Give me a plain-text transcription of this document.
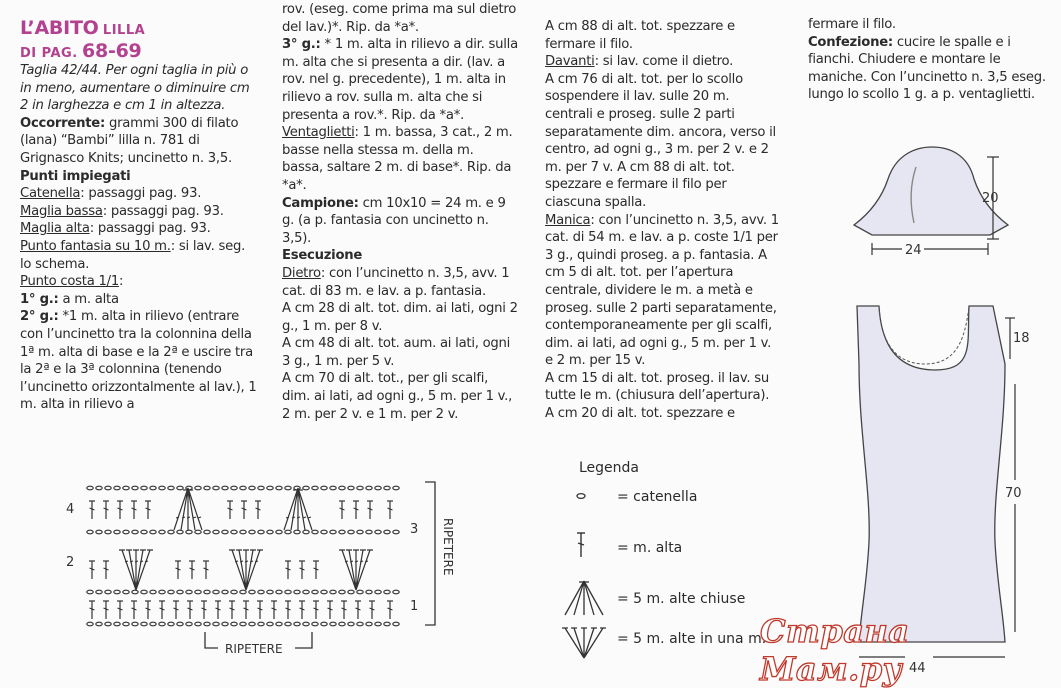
L’ABITO LILLA
DI PAG. 68-69

Taglia 42/44. Per ogni taglia in più o in meno, aumentare o diminuire cm 2 in larghezza e cm 1 in altezza.

Occorrente: grammi 300 di filato (lana) “Bambi” lilla n. 781 di Grignasco Knits; uncinetto n. 3,5.

Punti impiegati

Catenella: passaggi pag. 93.

Maglia bassa: passaggi pag. 93.

Maglia alta: passaggi pag. 93.

Punto fantasia su 10 m.: si lav. seg. lo schema.

Punto costa 1/1:

1° g.: a m. alta

2° g.: *1 m. alta in rilievo (entrare con l’uncinetto tra la colonnina della 1ª m. alta di base e la 2ª e uscire tra la 2ª e la 3ª colonnina (tenendo l’uncinetto orizzontalmente al lav.), 1 m. alta in rilievo a

rov. (eseg. come prima ma sul dietro del lav.)*. Rip. da *a*.

3° g.: * 1 m. alta in rilievo a dir. sulla m. alta che si presenta a dir. (lav. a rov. nel g. precedente), 1 m. alta in rilievo a rov. sulla m. alta che si presenta a rov.*. Rip. da *a*.

Ventaglietti: 1 m. bassa, 3 cat., 2 m. basse nella stessa m. della m. bassa, saltare 2 m. di base*. Rip. da *a*.

Campione: cm 10x10 = 24 m. e 9 g. (a p. fantasia con uncinetto n. 3,5).

Esecuzione

Dietro: con l’uncinetto n. 3,5, avv. 1 cat. di 83 m. e lav. a p. fantasia.

A cm 28 di alt. tot. dim. ai lati, ogni 2 g., 1 m. per 8 v.

A cm 48 di alt. tot. aum. ai lati, ogni 3 g., 1 m. per 5 v.

A cm 70 di alt. tot., per gli scalfi, dim. ai lati, ad ogni g., 5 m. per 1 v., 2 m. per 2 v. e 1 m. per 2 v.

A cm 88 di alt. tot. spezzare e fermare il filo.

Davanti: si lav. come il dietro.

A cm 76 di alt. tot. per lo scollo sospendere il lav. sulle 20 m. centrali e proseg. sulle 2 parti separatamente dim. ancora, verso il centro, ad ogni g., 3 m. per 2 v. e 2 m. per 7 v. A cm 88 di alt. tot. spezzare e fermare il filo per ciascuna spalla.

Manica: con l’uncinetto n. 3,5, avv. 1 cat. di 54 m. e lav. a p. coste 1/1 per 3 g., quindi proseg. a p. fantasia. A cm 5 di alt. tot. per l’apertura centrale, dividere le m. a metà e proseg. sulle 2 parti separatamente, contemporaneamente per gli scalfi, dim. ai lati, ad ogni g., 5 m. per 1 v. e 2 m. per 15 v.

A cm 15 di alt. tot. proseg. il lav. su tutte le m. (chiusura dell’apertura). A cm 20 di alt. tot. spezzare e

fermare il filo.

Confezione: cucire le spalle e i fianchi. Chiudere e montare le maniche. Con l’uncinetto n. 3,5 eseg. lungo lo scollo 1 g. a p. ventaglietti.

4
3
2
1
RIPETERE
RIPETERE
Legenda
= catenella
= m. alta
= 5 m. alte chiuse
= 5 m. alte in una m.
20
24
18
70
44
Страна Мам.ру
